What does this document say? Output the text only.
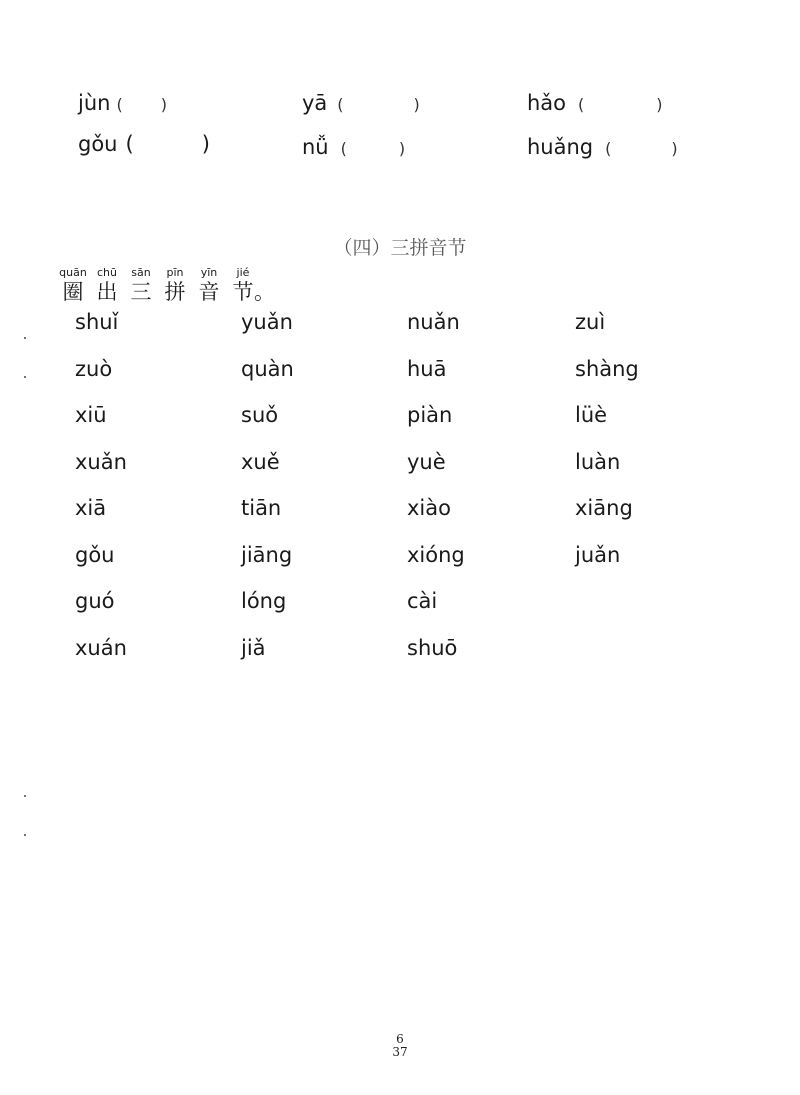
jùn ( )	yā (	)	hǎo (	)
gǒu (	)	nǚ (	)	huǎng (	)
（四）三拼音节
quān
圈
chū
出
sān
三
pīn
拼
yīn
音
jié
节 。
shuǐ	yuǎn	nuǎn	zuì
zuò	quàn	huā	shàng
xiū	suǒ	piàn	lüè
xuǎn	xuě	yuè	luàn
xiā	tiān	xiào	xiāng
gǒu	jiāng	xióng	juǎn
guó	lóng	cài
xuán	jiǎ	shuō
6
37
